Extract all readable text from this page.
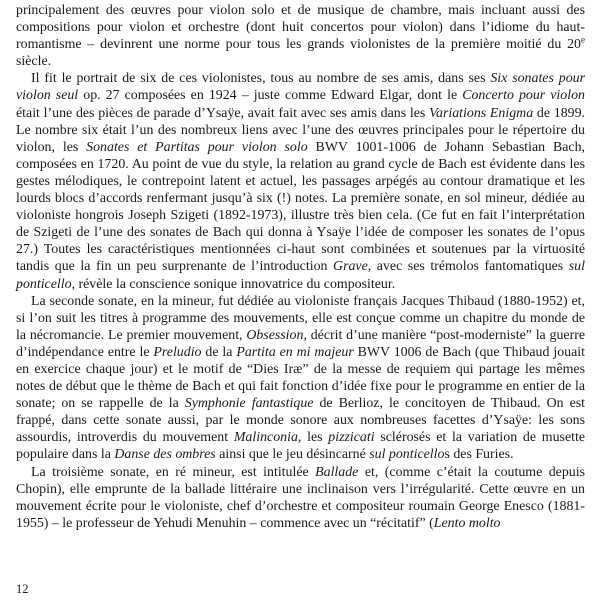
principalement des œuvres pour violon solo et de musique de chambre, mais incluant aussi des compositions pour violon et orchestre (dont huit concertos pour violon) dans l’idiome du haut-romantisme – devinrent une norme pour tous les grands violonistes de la première moitié du 20e siècle.

Il fit le portrait de six de ces violonistes, tous au nombre de ses amis, dans ses Six sonates pour violon seul op. 27 composées en 1924 – juste comme Edward Elgar, dont le Concerto pour violon était l’une des pièces de parade d’Ysaÿe, avait fait avec ses amis dans les Variations Enigma de 1899. Le nombre six était l’un des nombreux liens avec l’une des œuvres principales pour le répertoire du violon, les Sonates et Partitas pour violon solo BWV 1001-1006 de Johann Sebastian Bach, composées en 1720. Au point de vue du style, la relation au grand cycle de Bach est évidente dans les gestes mélodiques, le contrepoint latent et actuel, les passages arpégés au contour dramatique et les lourds blocs d’accords renfermant jusqu’à six (!) notes. La première sonate, en sol mineur, dédiée au violoniste hongrois Joseph Szigeti (1892-1973), illustre très bien cela. (Ce fut en fait l’interprétation de Szigeti de l’une des sonates de Bach qui donna à Ysaÿe l’idée de composer les sonates de l’opus 27.) Toutes les caractéristiques mentionnées ci-haut sont combinées et soutenues par la virtuosité tandis que la fin un peu surprenante de l’introduction Grave, avec ses trémolos fantomatiques sul ponticello, révèle la conscience sonique innovatrice du compositeur.

La seconde sonate, en la mineur, fut dédiée au violoniste français Jacques Thibaud (1880-1952) et, si l’on suit les titres à programme des mouvements, elle est conçue comme un chapitre du monde de la nécromancie. Le premier mouvement, Obsession, décrit d’une manière “post-moderniste” la guerre d’indépendance entre le Preludio de la Partita en mi majeur BWV 1006 de Bach (que Thibaud jouait en exercice chaque jour) et le motif de “Dies Iræ” de la messe de requiem qui partage les mêmes notes de début que le thème de Bach et qui fait fonction d’idée fixe pour le programme en entier de la sonate; on se rappelle de la Symphonie fantastique de Berlioz, le concitoyen de Thibaud. On est frappé, dans cette sonate aussi, par le monde sonore aux nombreuses facettes d’Ysaÿe: les sons assourdis, introverdis du mouvement Malinconia, les pizzicati sclérosés et la variation de musette populaire dans la Danse des ombres ainsi que le jeu désincarné sul ponticellos des Furies.

La troisième sonate, en ré mineur, est intitulée Ballade et, (comme c’était la coutume depuis Chopin), elle emprunte de la ballade littéraire une inclinaison vers l’irrégularité. Cette œuvre en un mouvement écrite pour le violoniste, chef d’orchestre et compositeur roumain George Enesco (1881-1955) – le professeur de Yehudi Menuhin – commence avec un “récitatif” (Lento molto

12
